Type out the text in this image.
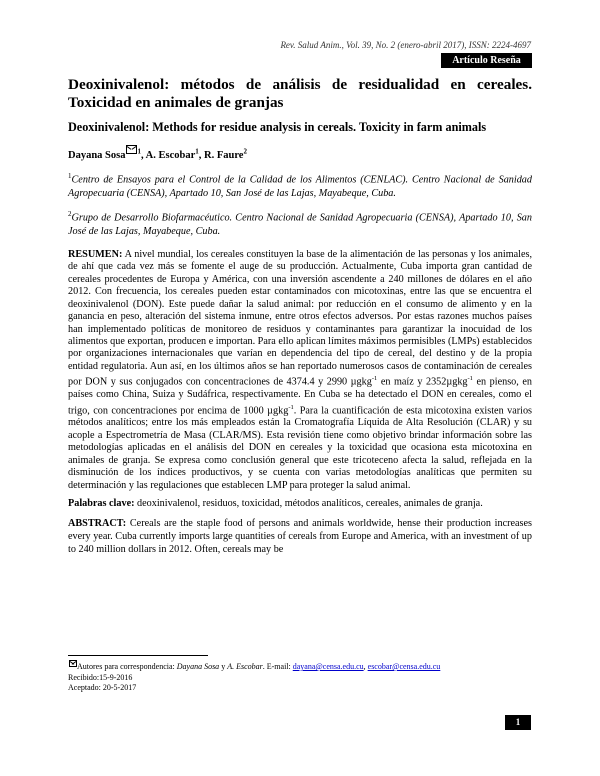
Rev. Salud Anim., Vol. 39, No. 2 (enero-abril 2017), ISSN: 2224-4697
Artículo Reseña
Deoxinivalenol: métodos de análisis de residualidad en cereales. Toxicidad en animales de granjas
Deoxinivalenol: Methods for residue analysis in cereals. Toxicity in farm animals
Dayana Sosa $^1$, A. Escobar$^1$, R. Faure$^2$
$^1$Centro de Ensayos para el Control de la Calidad de los Alimentos (CENLAC). Centro Nacional de Sanidad Agropecuaria (CENSA), Apartado 10, San José de las Lajas, Mayabeque, Cuba.
$^2$Grupo de Desarrollo Biofarmacéutico. Centro Nacional de Sanidad Agropecuaria (CENSA), Apartado 10, San José de las Lajas, Mayabeque, Cuba.
RESUMEN: A nivel mundial, los cereales constituyen la base de la alimentación de las personas y los animales, de ahí que cada vez más se fomente el auge de su producción. Actualmente, Cuba importa gran cantidad de cereales procedentes de Europa y América, con una inversión ascendente a 240 millones de dólares en el año 2012. Con frecuencia, los cereales pueden estar contaminados con micotoxinas, entre las que se encuentra el deoxinivalenol (DON). Este puede dañar la salud animal: por reducción en el consumo de alimento y en la ganancia en peso, alteración del sistema inmune, entre otros efectos adversos. Por estas razones muchos países han implementado políticas de monitoreo de residuos y contaminantes para garantizar la inocuidad de los alimentos que exportan, producen e importan. Para ello aplican límites máximos permisibles (LMPs) establecidos por organizaciones internacionales que varían en dependencia del tipo de cereal, del destino y de la propia entidad regulatoria. Aun así, en los últimos años se han reportado numerosos casos de contaminación de cereales por DON y sus conjugados con concentraciones de 4374.4 y 2990 µgkg$^{-1}$ en maíz y 2352µgkg$^{-1}$ en pienso, en países como China, Suiza y Sudáfrica, respectivamente. En Cuba se ha detectado el DON en cereales, como el trigo, con concentraciones por encima de 1000 µgkg$^{-1}$. Para la cuantificación de esta micotoxina existen varios métodos analíticos; entre los más empleados están la Cromatografía Líquida de Alta Resolución (CLAR) y su acople a Espectrometría de Masa (CLAR/MS). Esta revisión tiene como objetivo brindar información sobre las metodologías aplicadas en el análisis del DON en cereales y la toxicidad que ocasiona esta micotoxina en animales de granja. Se expresa como conclusión general que este tricoteceno afecta la salud, reflejada en la disminución de los índices productivos, y se cuenta con varias metodologías analíticas que permiten su determinación y las regulaciones que establecen LMP para proteger la salud animal.
Palabras clave: deoxinivalenol, residuos, toxicidad, métodos analíticos, cereales, animales de granja.
ABSTRACT: Cereals are the staple food of persons and animals worldwide, hense their production increases every year. Cuba currently imports large quantities of cereals from Europe and America, with an investment of up to 240 million dollars in 2012. Often, cereals may be
Autores para correspondencia: Dayana Sosa y A. Escobar. E-mail: dayana@censa.edu.cu, escobar@censa.edu.cu
Recibido:15-9-2016
Aceptado: 20-5-2017
1
